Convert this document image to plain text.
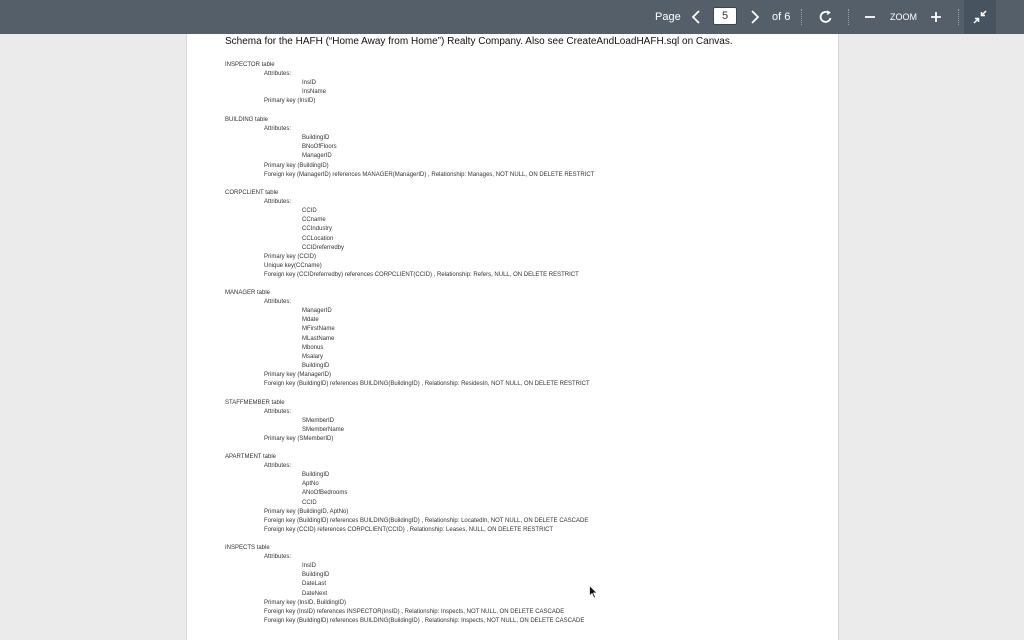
Page
5	of 6	ZOOM
Schema for the HAFH (“Home Away from Home”) Realty Company. Also see CreateAndLoadHAFH.sql on Canvas.
INSPECTOR table
Attributes:
InsID
InsName
Primary key (InsID)
BUILDING table
Attributes:
BuildingID
BNoOfFloors
ManagerID
Primary key (BuildingID)
Foreign key (ManagerID) references MANAGER(ManagerID) , Relationship: Manages, NOT NULL, ON DELETE RESTRICT
CORPCLIENT table
Attributes:
CCID
CCname
CCIndustry
CCLocation
CCIDreferredby
Primary key (CCID)
Unique key(CCname)
Foreign key (CCIDreferredby) references CORPCLIENT(CCID) , Relationship: Refers, NULL, ON DELETE RESTRICT
MANAGER table
Attributes:
ManagerID
Mdate
MFirstName
MLastName
Mbonus
Msalary
BuildingID
Primary key (ManagerID)
Foreign key (BuildingID) references BUILDING(BuildingID) , Relationship: ResidesIn, NOT NULL, ON DELETE RESTRICT
STAFFMEMBER table
Attributes:
SMemberID
SMemberName
Primary key (SMemberID)
APARTMENT table
Attributes:
BuildingID
AptNo
ANoOfBedrooms
CCID
Primary key (BuildingID, AptNo)
Foreign key (BuildingID) references BUILDING(BuildingID) , Relationship: LocatedIn, NOT NULL, ON DELETE CASCADE
Foreign key (CCID) references CORPCLIENT(CCID) , Relationship: Leases, NULL, ON DELETE RESTRICT
INSPECTS table
Attributes:
InsID
BuildingID
DateLast
DateNext
Primary key (InsID, BuildingID)
Foreign key (InsID) references INSPECTOR(InsID) , Relationship: Inspects, NOT NULL, ON DELETE CASCADE
Foreign key (BuildingID) references BUILDING(BuildingID) , Relationship: Inspects, NOT NULL, ON DELETE CASCADE
